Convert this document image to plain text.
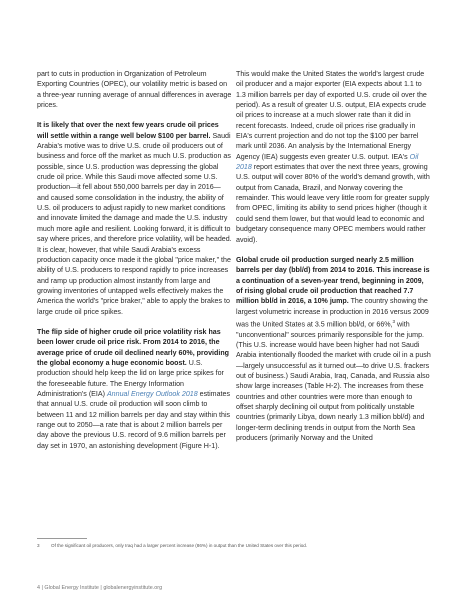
part to cuts in production in Organization of Petroleum Exporting Countries (OPEC), our volatility metric is based on a three-year running average of annual differences in average prices.

It is likely that over the next few years crude oil prices will settle within a range well below $100 per barrel. Saudi Arabia's motive was to drive U.S. crude oil producers out of business and force off the market as much U.S. production as possible, since U.S. production was depressing the global crude oil price. While this Saudi move affected some U.S. production—it fell about 550,000 barrels per day in 2016—and caused some consolidation in the industry, the ability of U.S. oil producers to adjust rapidly to new market conditions and innovate limited the damage and made the U.S. industry much more agile and resilient. Looking forward, it is difficult to say where prices, and therefore price volatility, will be headed. It is clear, however, that while Saudi Arabia's excess production capacity once made it the global "price maker," the ability of U.S. producers to respond rapidly to price increases and ramp up production almost instantly from large and growing inventories of untapped wells effectively makes the America the world's "price braker," able to apply the brakes to large crude oil price spikes.

The flip side of higher crude oil price volatility risk has been lower crude oil price risk. From 2014 to 2016, the average price of crude oil declined nearly 60%, providing the global economy a huge economic boost. U.S. production should help keep the lid on large price spikes for the foreseeable future. The Energy Information Administration's (EIA) Annual Energy Outlook 2018 estimates that annual U.S. crude oil production will soon climb to between 11 and 12 million barrels per day and stay within this range out to 2050—a rate that is about 2 million barrels per day above the previous U.S. record of 9.6 million barrels per day set in 1970, an astonishing development (Figure H-1).

This would make the United States the world's largest crude oil producer and a major exporter (EIA expects about 1.1 to 1.3 million barrels per day of exported U.S. crude oil over the period). As a result of greater U.S. output, EIA expects crude oil prices to increase at a much slower rate than it did in recent forecasts. Indeed, crude oil prices rise gradually in EIA's current projection and do not top the $100 per barrel mark until 2036. An analysis by the International Energy Agency (IEA) suggests even greater U.S. output. IEA's Oil 2018 report estimates that over the next three years, growing U.S. output will cover 80% of the world's demand growth, with output from Canada, Brazil, and Norway covering the remainder. This would leave very little room for greater supply from OPEC, limiting its ability to send prices higher (though it could send them lower, but that would lead to economic and budgetary consequence many OPEC members would rather avoid).

Global crude oil production surged nearly 2.5 million barrels per day (bbl/d) from 2014 to 2016. This increase is a continuation of a seven-year trend, beginning in 2009, of rising global crude oil production that reached 7.7 million bbl/d in 2016, a 10% jump. The country showing the largest volumetric increase in production in 2016 versus 2009 was the United States at 3.5 million bbl/d, or 66%,$^3$ with "unconventional" sources primarily responsible for the jump. (This U.S. increase would have been higher had not Saudi Arabia intentionally flooded the market with crude oil in a push—largely unsuccessful as it turned out—to drive U.S. frackers out of business.) Saudi Arabia, Iraq, Canada, and Russia also show large increases (Table H-2). The increases from these countries and other countries were more than enough to offset sharply declining oil output from politically unstable countries (primarily Libya, down nearly 1.3 million bbl/d) and longer-term declining trends in output from the North Sea producers (primarily Norway and the United

3 Of the significant oil producers, only Iraq had a larger percent increase (86%) in output than the United States over this period.
4 | Global Energy Institute | globalenergyinstitute.org
